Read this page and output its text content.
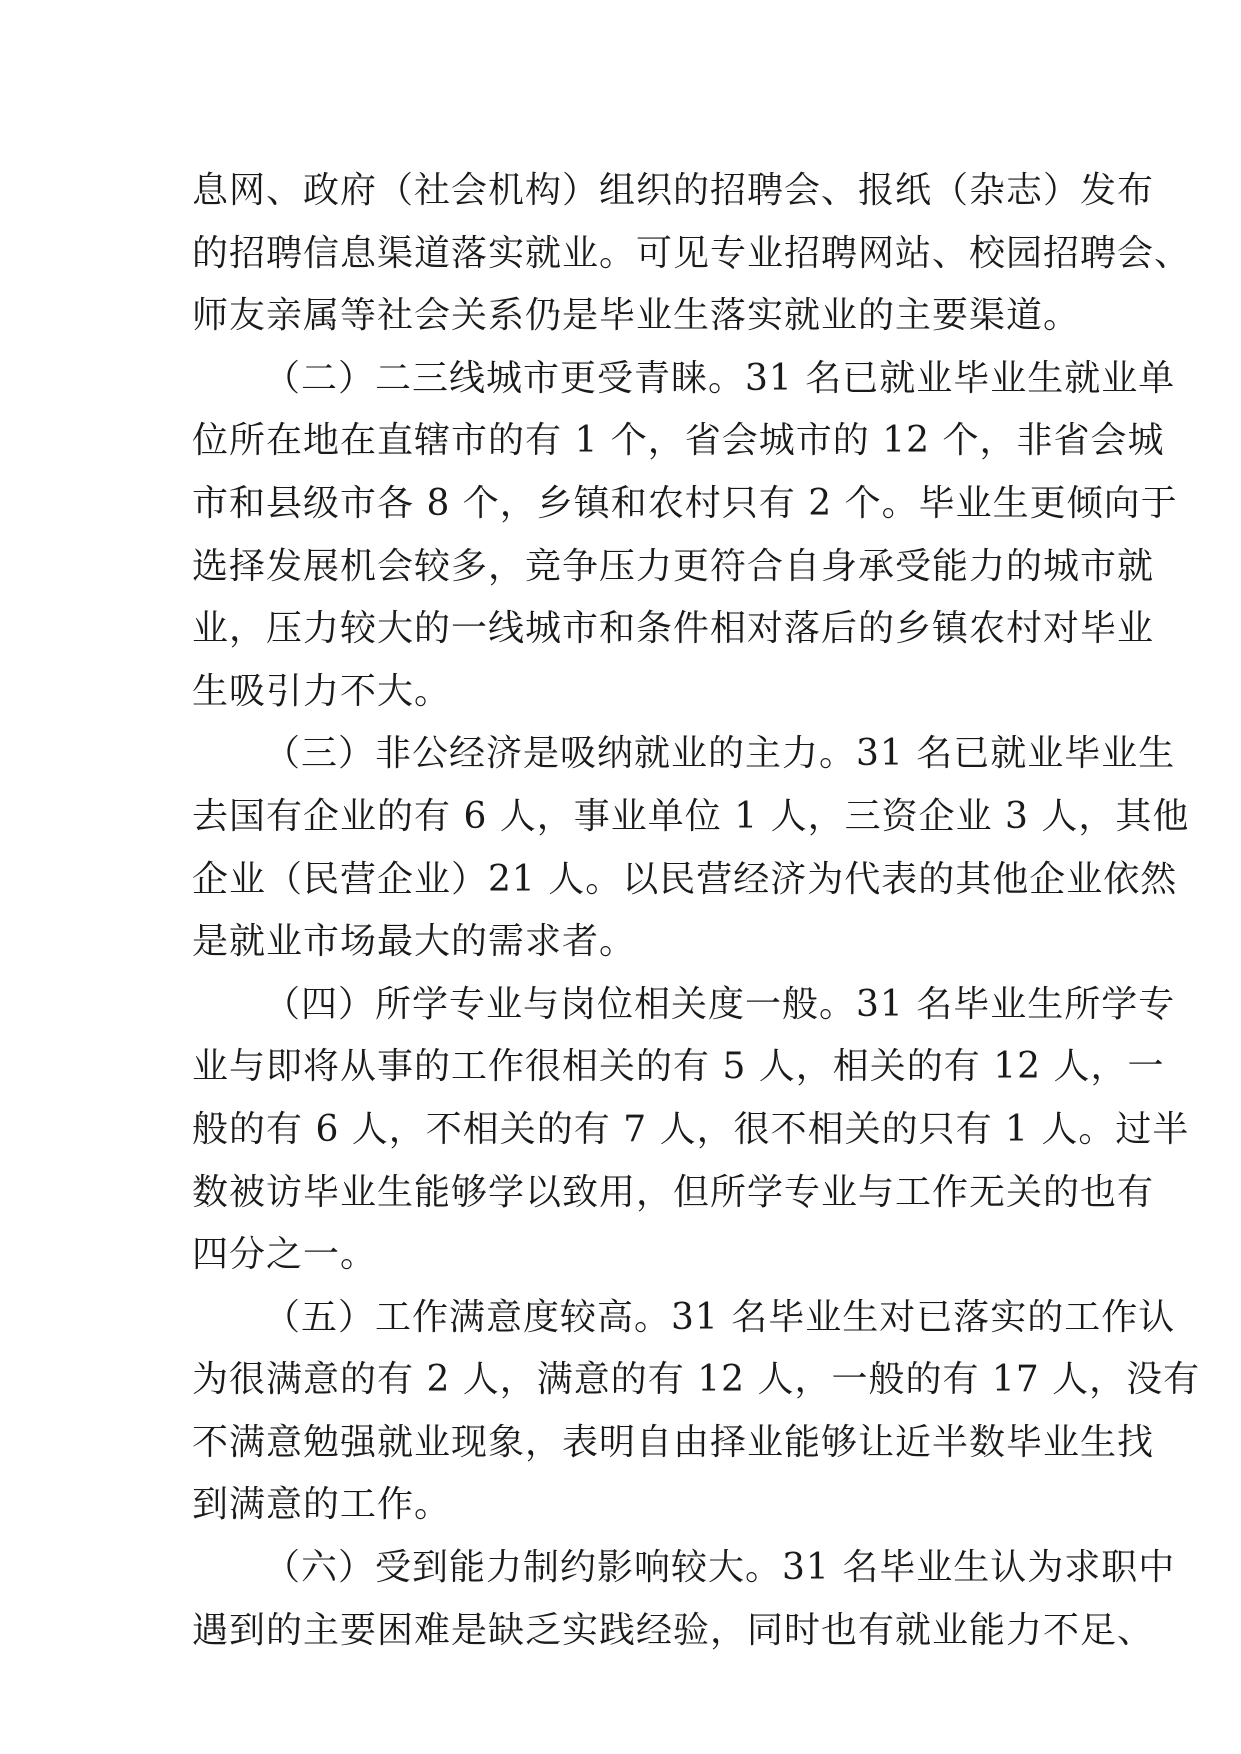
息网、政府（社会机构）组织的招聘会、报纸（杂志）发布
的招聘信息渠道落实就业。可见专业招聘网站、校园招聘会、
师友亲属等社会关系仍是毕业生落实就业的主要渠道。
（二）二三线城市更受青睐。31 名已就业毕业生就业单
位所在地在直辖市的有 1 个，省会城市的 12 个，非省会城
市和县级市各 8 个，乡镇和农村只有 2 个。毕业生更倾向于
选择发展机会较多，竞争压力更符合自身承受能力的城市就
业，压力较大的一线城市和条件相对落后的乡镇农村对毕业
生吸引力不大。
（三）非公经济是吸纳就业的主力。31 名已就业毕业生
去国有企业的有 6 人，事业单位 1 人，三资企业 3 人，其他
企业（民营企业）21 人。以民营经济为代表的其他企业依然
是就业市场最大的需求者。
（四）所学专业与岗位相关度一般。31 名毕业生所学专
业与即将从事的工作很相关的有 5 人，相关的有 12 人，一
般的有 6 人，不相关的有 7 人，很不相关的只有 1 人。过半
数被访毕业生能够学以致用，但所学专业与工作无关的也有
四分之一。
（五）工作满意度较高。31 名毕业生对已落实的工作认
为很满意的有 2 人，满意的有 12 人，一般的有 17 人，没有
不满意勉强就业现象，表明自由择业能够让近半数毕业生找
到满意的工作。
（六）受到能力制约影响较大。31 名毕业生认为求职中
遇到的主要困难是缺乏实践经验，同时也有就业能力不足、
